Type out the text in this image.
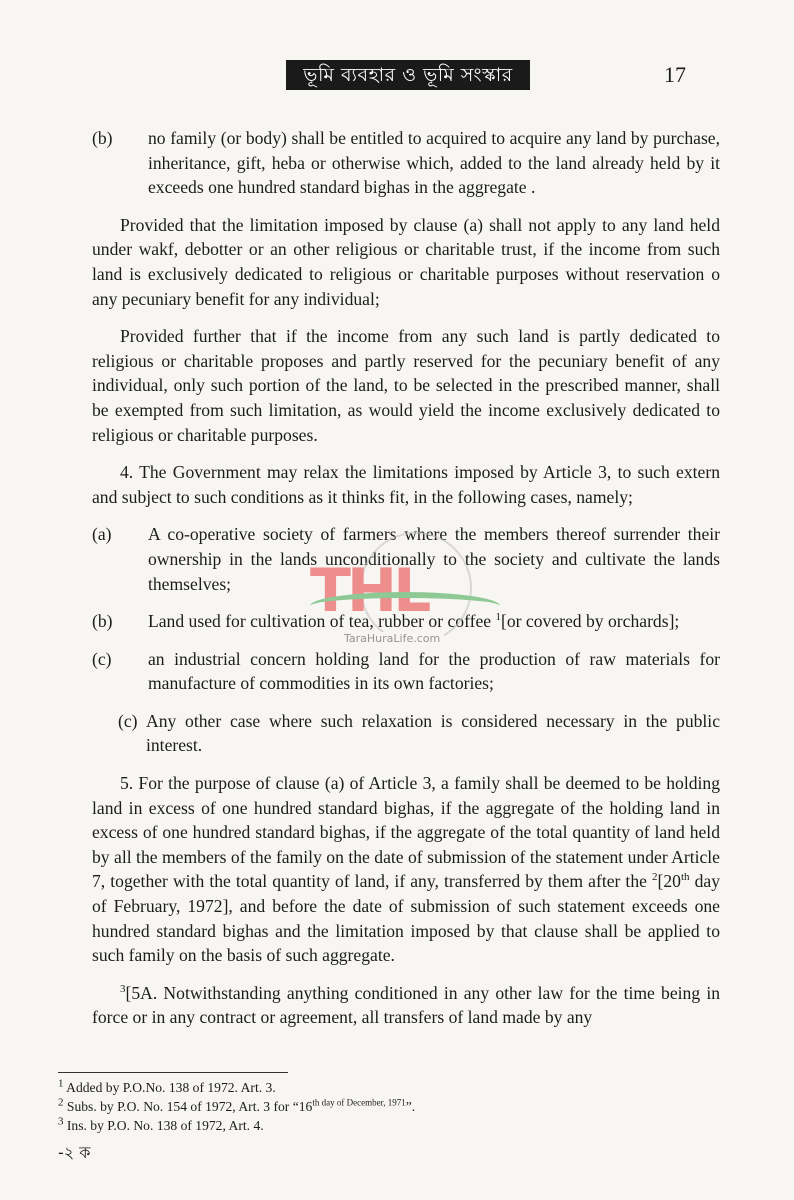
ভূমি ব্যবহার ও ভূমি সংস্কার	17
(b)	no family (or body) shall be entitled to acquired to acquire any land by purchase, inheritance, gift, heba or otherwise which, added to the land already held by it exceeds one hundred standard bighas in the aggregate .

Provided that the limitation imposed by clause (a) shall not apply to any land held under wakf, debotter or an other religious or charitable trust, if the income from such land is exclusively dedicated to religious or charitable purposes without reservation o any pecuniary benefit for any individual;

Provided further that if the income from any such land is partly dedicated to religious or charitable proposes and partly reserved for the pecuniary benefit of any individual, only such portion of the land, to be selected in the prescribed manner, shall be exempted from such limitation, as would yield the income exclusively dedicated to religious or charitable purposes.

4. The Government may relax the limitations imposed by Article 3, to such extern and subject to such conditions as it thinks fit, in the following cases, namely;

(a)	A co-operative society of farmers where the members thereof surrender their ownership in the lands unconditionally to the society and cultivate the lands themselves;
(b)	Land used for cultivation of tea, rubber or coffee $^1$[or covered by orchards];
(c)	an industrial concern holding land for the production of raw materials for manufacture of commodities in its own factories;
(c) Any other case where such relaxation is considered necessary in the public interest.

5. For the purpose of clause (a) of Article 3, a family shall be deemed to be holding land in excess of one hundred standard bighas, if the aggregate of the holding land in excess of one hundred standard bighas, if the aggregate of the total quantity of land held by all the members of the family on the date of submission of the statement under Article 7, together with the total quantity of land, if any, transferred by them after the $^2$[20th day of February, 1972], and before the date of submission of such statement exceeds one hundred standard bighas and the limitation imposed by that clause shall be applied to such family on the basis of such aggregate.

$^3$[5A. Notwithstanding anything conditioned in any other law for the time being in force or in any contract or agreement, all transfers of land made by any

THL
TaraHuraLife.com
$^1$ Added by P.O.No. 138 of 1972. Art. 3.
$^2$ Subs. by P.O. No. 154 of 1972, Art. 3 for “$16^{th day of December, 1971}$”.
$^3$ Ins. by P.O. No. 138 of 1972, Art. 4.
-২ ক
